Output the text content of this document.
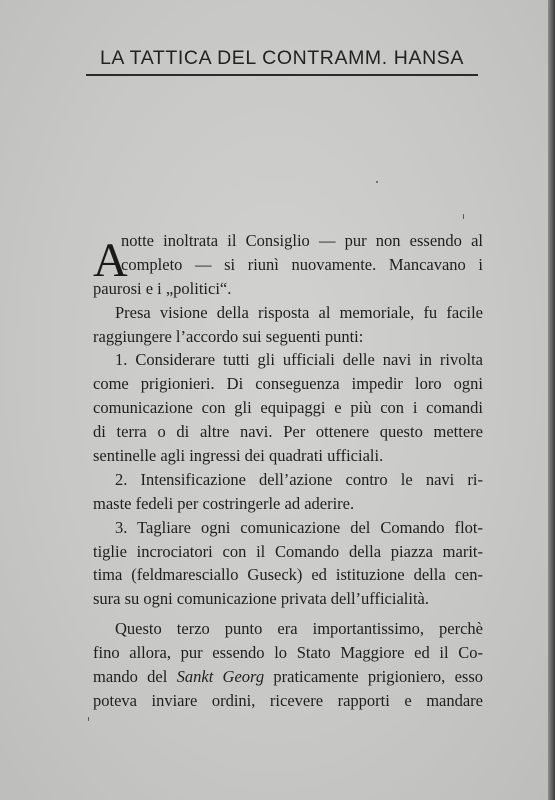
LA TATTICA DEL CONTRAMM. HANSA
A
notte inoltrata il Consiglio — pur non essendo al
completo — si riunì nuovamente. Mancavano i
paurosi e i „politici“.
Presa visione della risposta al memoriale, fu facile
raggiungere l’accordo sui seguenti punti:
1. Considerare tutti gli ufficiali delle navi in rivolta
come prigionieri. Di conseguenza impedir loro ogni
comunicazione con gli equipaggi e più con i comandi
di terra o di altre navi. Per ottenere questo mettere
sentinelle agli ingressi dei quadrati ufficiali.
2. Intensificazione dell’azione contro le navi ri-
maste fedeli per costringerle ad aderire.
3. Tagliare ogni comunicazione del Comando flot-
tiglie incrociatori con il Comando della piazza marit-
tima (feldmaresciallo Guseck) ed istituzione della cen-
sura su ogni comunicazione privata dell’ufficialità.
Questo terzo punto era importantissimo, perchè
fino allora, pur essendo lo Stato Maggiore ed il Co-
mando del Sankt Georg praticamente prigioniero, esso
poteva inviare ordini, ricevere rapporti e mandare
